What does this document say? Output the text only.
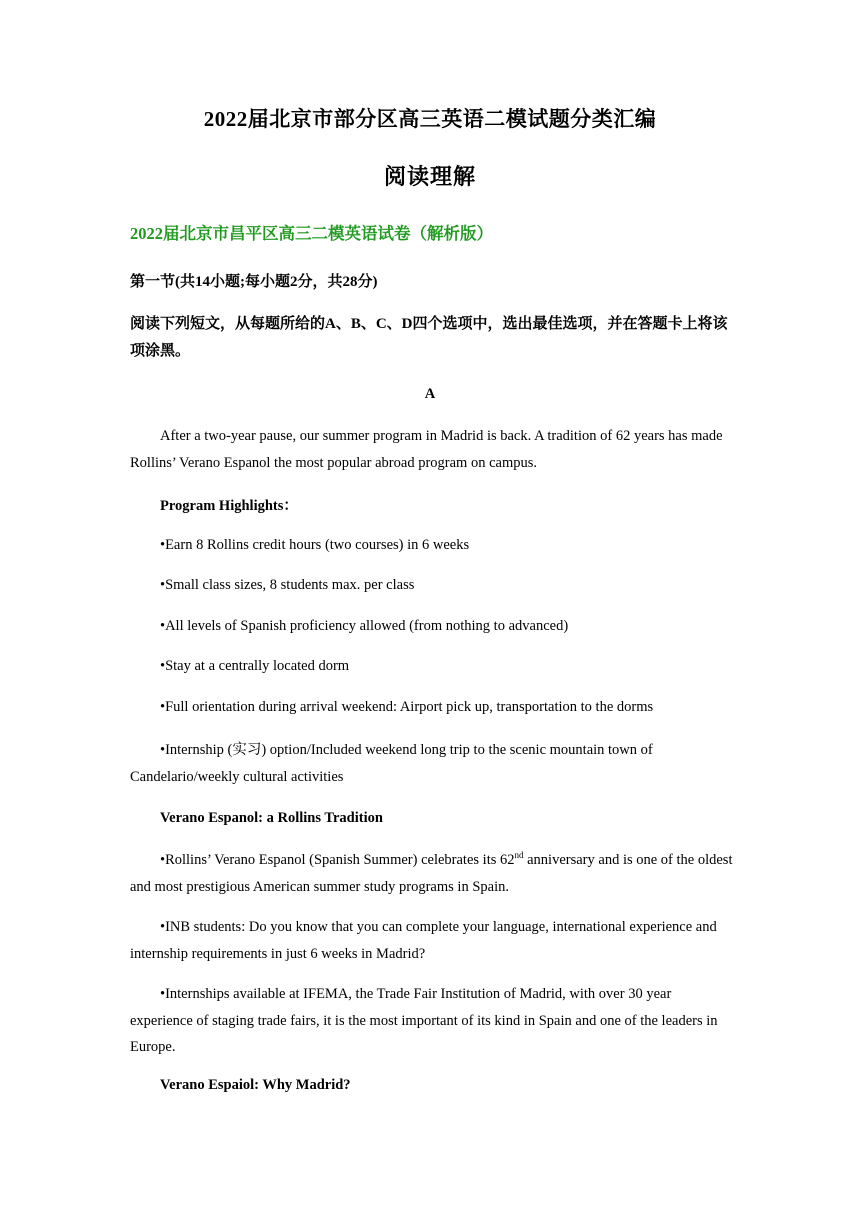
2022届北京市部分区高三英语二模试题分类汇编
阅读理解
2022届北京市昌平区高三二模英语试卷（解析版）
第一节(共14小题;每小题2分，共28分)
阅读下列短文，从每题所给的A、B、C、D四个选项中，选出最佳选项，并在答题卡上将该项涂黑。
A
After a two-year pause, our summer program in Madrid is back. A tradition of 62 years has made Rollins’ Verano Espanol the most popular abroad program on campus.
Program Highlights：
•Earn 8 Rollins credit hours (two courses) in 6 weeks
•Small class sizes, 8 students max. per class
•All levels of Spanish proficiency allowed (from nothing to advanced)
•Stay at a centrally located dorm
•Full orientation during arrival weekend: Airport pick up, transportation to the dorms
•Internship (实习) option/Included weekend long trip to the scenic mountain town of Candelario/weekly cultural activities
Verano Espanol: a Rollins Tradition
•Rollins’ Verano Espanol (Spanish Summer) celebrates its 62nd anniversary and is one of the oldest and most prestigious American summer study programs in Spain.
•INB students: Do you know that you can complete your language, international experience and internship requirements in just 6 weeks in Madrid?
•Internships available at IFEMA, the Trade Fair Institution of Madrid, with over 30 year experience of staging trade fairs, it is the most important of its kind in Spain and one of the leaders in Europe.
Verano Espaiol: Why Madrid?
